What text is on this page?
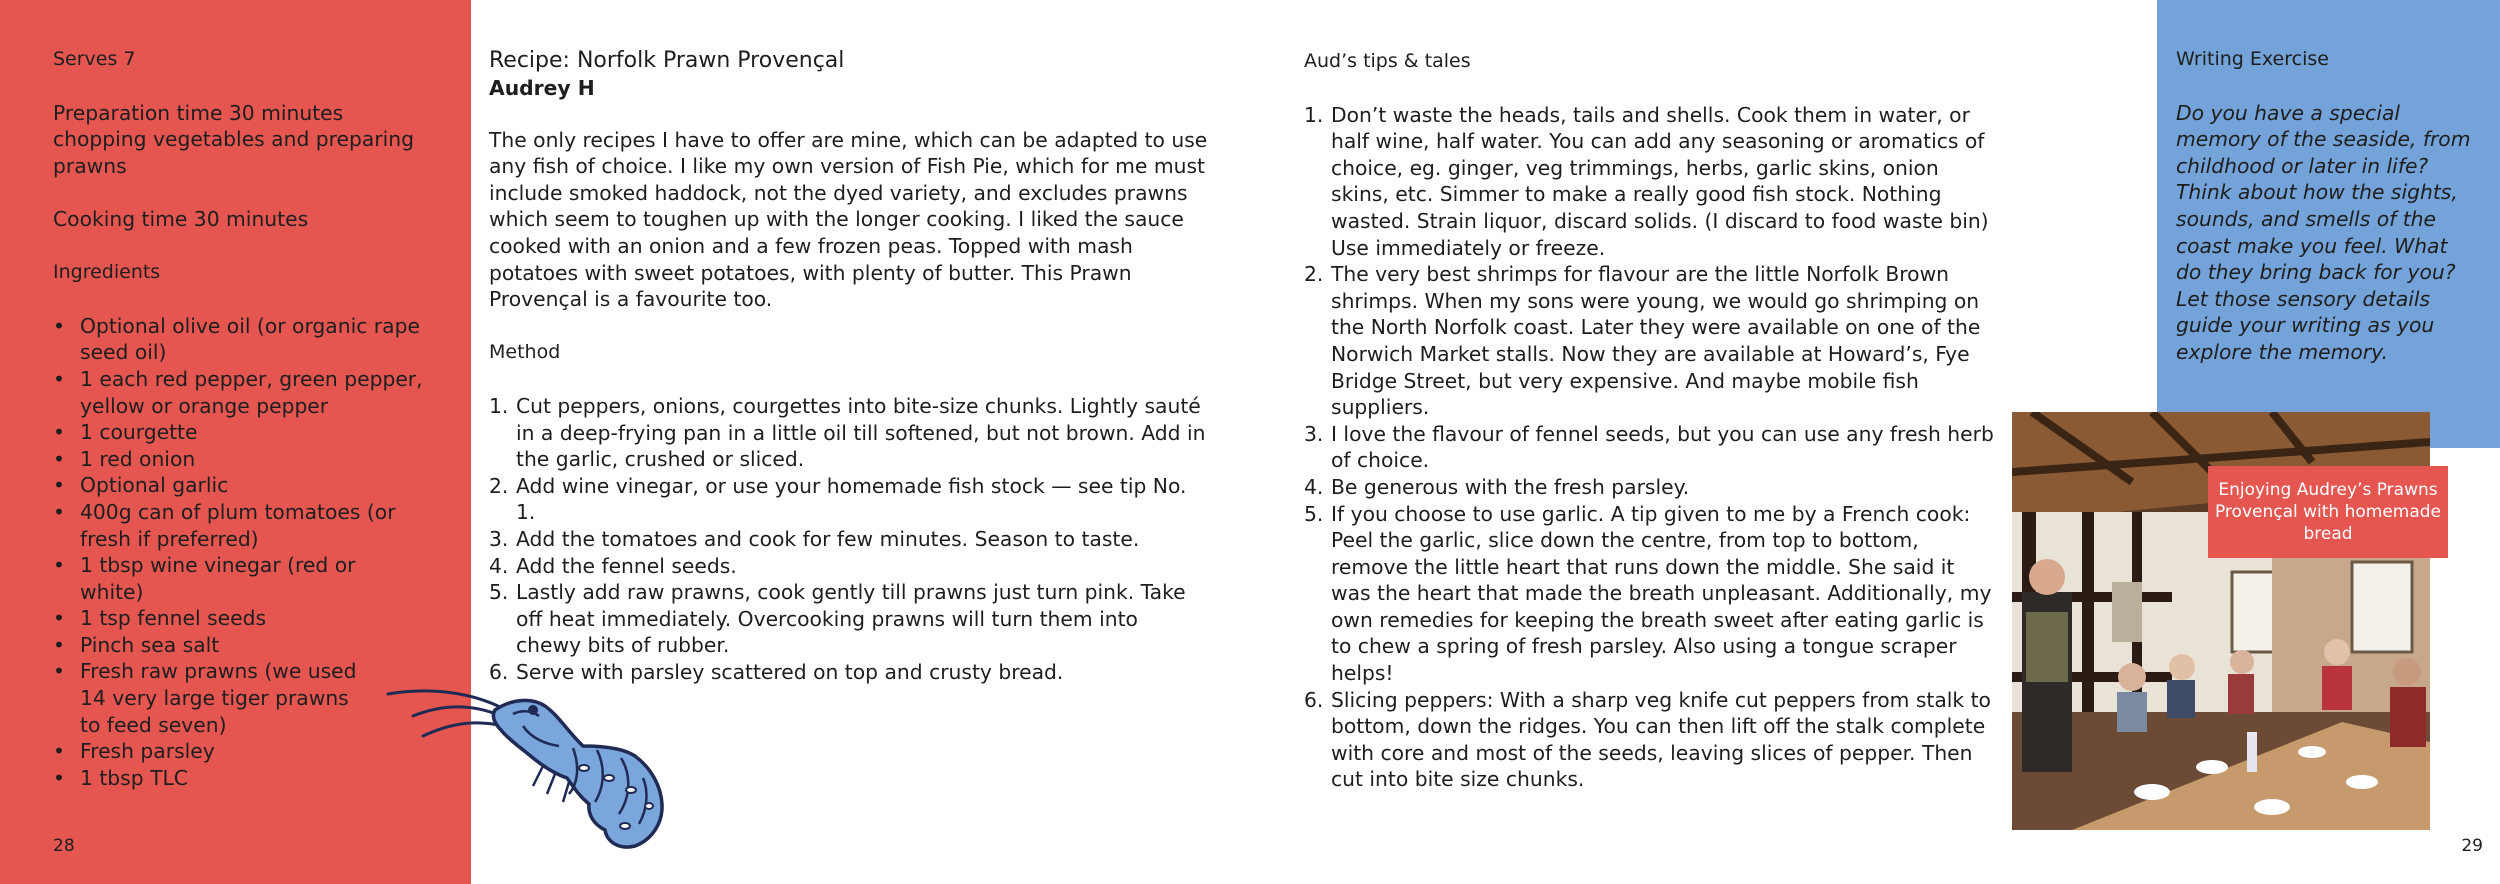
Serves 7

Preparation time 30 minutes chopping vegetables and preparing prawns

Cooking time 30 minutes

Ingredients

• Optional olive oil (or organic rape seed oil)
• 1 each red pepper, green pepper, yellow or orange pepper
• 1 courgette
• 1 red onion
• Optional garlic
• 400g can of plum tomatoes (or fresh if preferred)
• 1 tbsp wine vinegar (red or white)
• 1 tsp fennel seeds
• Pinch sea salt
• Fresh raw prawns (we used 14 very large tiger prawns to feed seven)
• Fresh parsley
• 1 tbsp TLC
28
Recipe: Norfolk Prawn Provençal

Audrey H

The only recipes I have to offer are mine, which can be adapted to use any fish of choice. I like my own version of Fish Pie, which for me must include smoked haddock, not the dyed variety, and excludes prawns which seem to toughen up with the longer cooking. I liked the sauce cooked with an onion and a few frozen peas. Topped with mash potatoes with sweet potatoes, with plenty of butter. This Prawn Provençal is a favourite too.

Method

1. Cut peppers, onions, courgettes into bite-size chunks. Lightly sauté in a deep-frying pan in a little oil till softened, but not brown. Add in the garlic, crushed or sliced.
2. Add wine vinegar, or use your homemade fish stock — see tip No. 1.
3. Add the tomatoes and cook for few minutes. Season to taste.
4. Add the fennel seeds.
5. Lastly add raw prawns, cook gently till prawns just turn pink. Take off heat immediately. Overcooking prawns will turn them into chewy bits of rubber.
6. Serve with parsley scattered on top and crusty bread.

Aud’s tips & tales

1. Don’t waste the heads, tails and shells. Cook them in water, or half wine, half water. You can add any seasoning or aromatics of choice, eg. ginger, veg trimmings, herbs, garlic skins, onion skins, etc. Simmer to make a really good fish stock. Nothing wasted. Strain liquor, discard solids. (I discard to food waste bin) Use immediately or freeze.
2. The very best shrimps for flavour are the little Norfolk Brown shrimps. When my sons were young, we would go shrimping on the North Norfolk coast. Later they were available on one of the Norwich Market stalls. Now they are available at Howard’s, Fye Bridge Street, but very expensive. And maybe mobile fish suppliers.
3. I love the flavour of fennel seeds, but you can use any fresh herb of choice.
4. Be generous with the fresh parsley.
5. If you choose to use garlic. A tip given to me by a French cook: Peel the garlic, slice down the centre, from top to bottom, remove the little heart that runs down the middle. She said it was the heart that made the breath unpleasant. Additionally, my own remedies for keeping the breath sweet after eating garlic is to chew a spring of fresh parsley. Also using a tongue scraper helps!
6. Slicing peppers: With a sharp veg knife cut peppers from stalk to bottom, down the ridges. You can then lift off the stalk complete with core and most of the seeds, leaving slices of pepper. Then cut into bite size chunks.

Writing Exercise

Do you have a special memory of the seaside, from childhood or later in life? Think about how the sights, sounds, and smells of the coast make you feel. What do they bring back for you? Let those sensory details guide your writing as you explore the memory.

Enjoying Audrey’s Prawns Provençal with homemade bread
29
